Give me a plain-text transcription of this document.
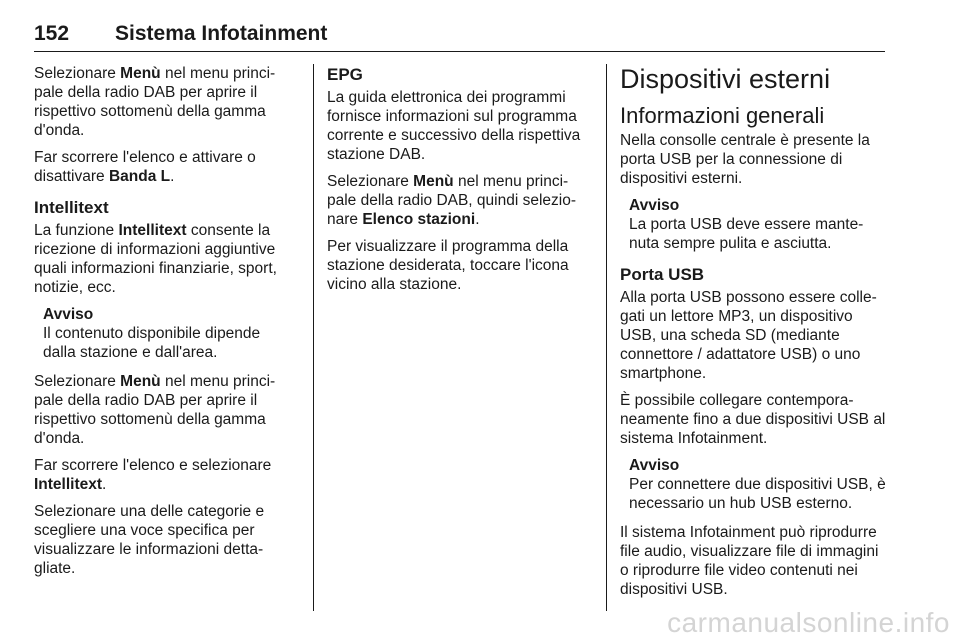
152 Sistema Infotainment

Selezionare Menù nel menu princi-pale della radio DAB per aprire il rispettivo sottomenù della gamma d'onda.

Far scorrere l'elenco e attivare o disattivare Banda L.

Intellitext

La funzione Intellitext consente la ricezione di informazioni aggiuntive quali informazioni finanziarie, sport, notizie, ecc.

Avviso
Il contenuto disponibile dipende dalla stazione e dall'area.

Selezionare Menù nel menu princi-pale della radio DAB per aprire il rispettivo sottomenù della gamma d'onda.

Far scorrere l'elenco e selezionare Intellitext.

Selezionare una delle categorie e scegliere una voce specifica per visualizzare le informazioni detta-gliate.

EPG

La guida elettronica dei programmi fornisce informazioni sul programma corrente e successivo della rispettiva stazione DAB.

Selezionare Menù nel menu princi-pale della radio DAB, quindi selezio-nare Elenco stazioni.

Per visualizzare il programma della stazione desiderata, toccare l'icona vicino alla stazione.

Dispositivi esterni
Informazioni generali

Nella consolle centrale è presente la porta USB per la connessione di dispositivi esterni.

Avviso
La porta USB deve essere mante-nuta sempre pulita e asciutta.
Porta USB

Alla porta USB possono essere colle-gati un lettore MP3, un dispositivo USB, una scheda SD (mediante connettore / adattatore USB) o uno smartphone.

È possibile collegare contempora-neamente fino a due dispositivi USB al sistema Infotainment.

Avviso
Per connettere due dispositivi USB, è necessario un hub USB esterno.

Il sistema Infotainment può riprodurre file audio, visualizzare file di immagini o riprodurre file video contenuti nei dispositivi USB.

carmanualsonline.info
